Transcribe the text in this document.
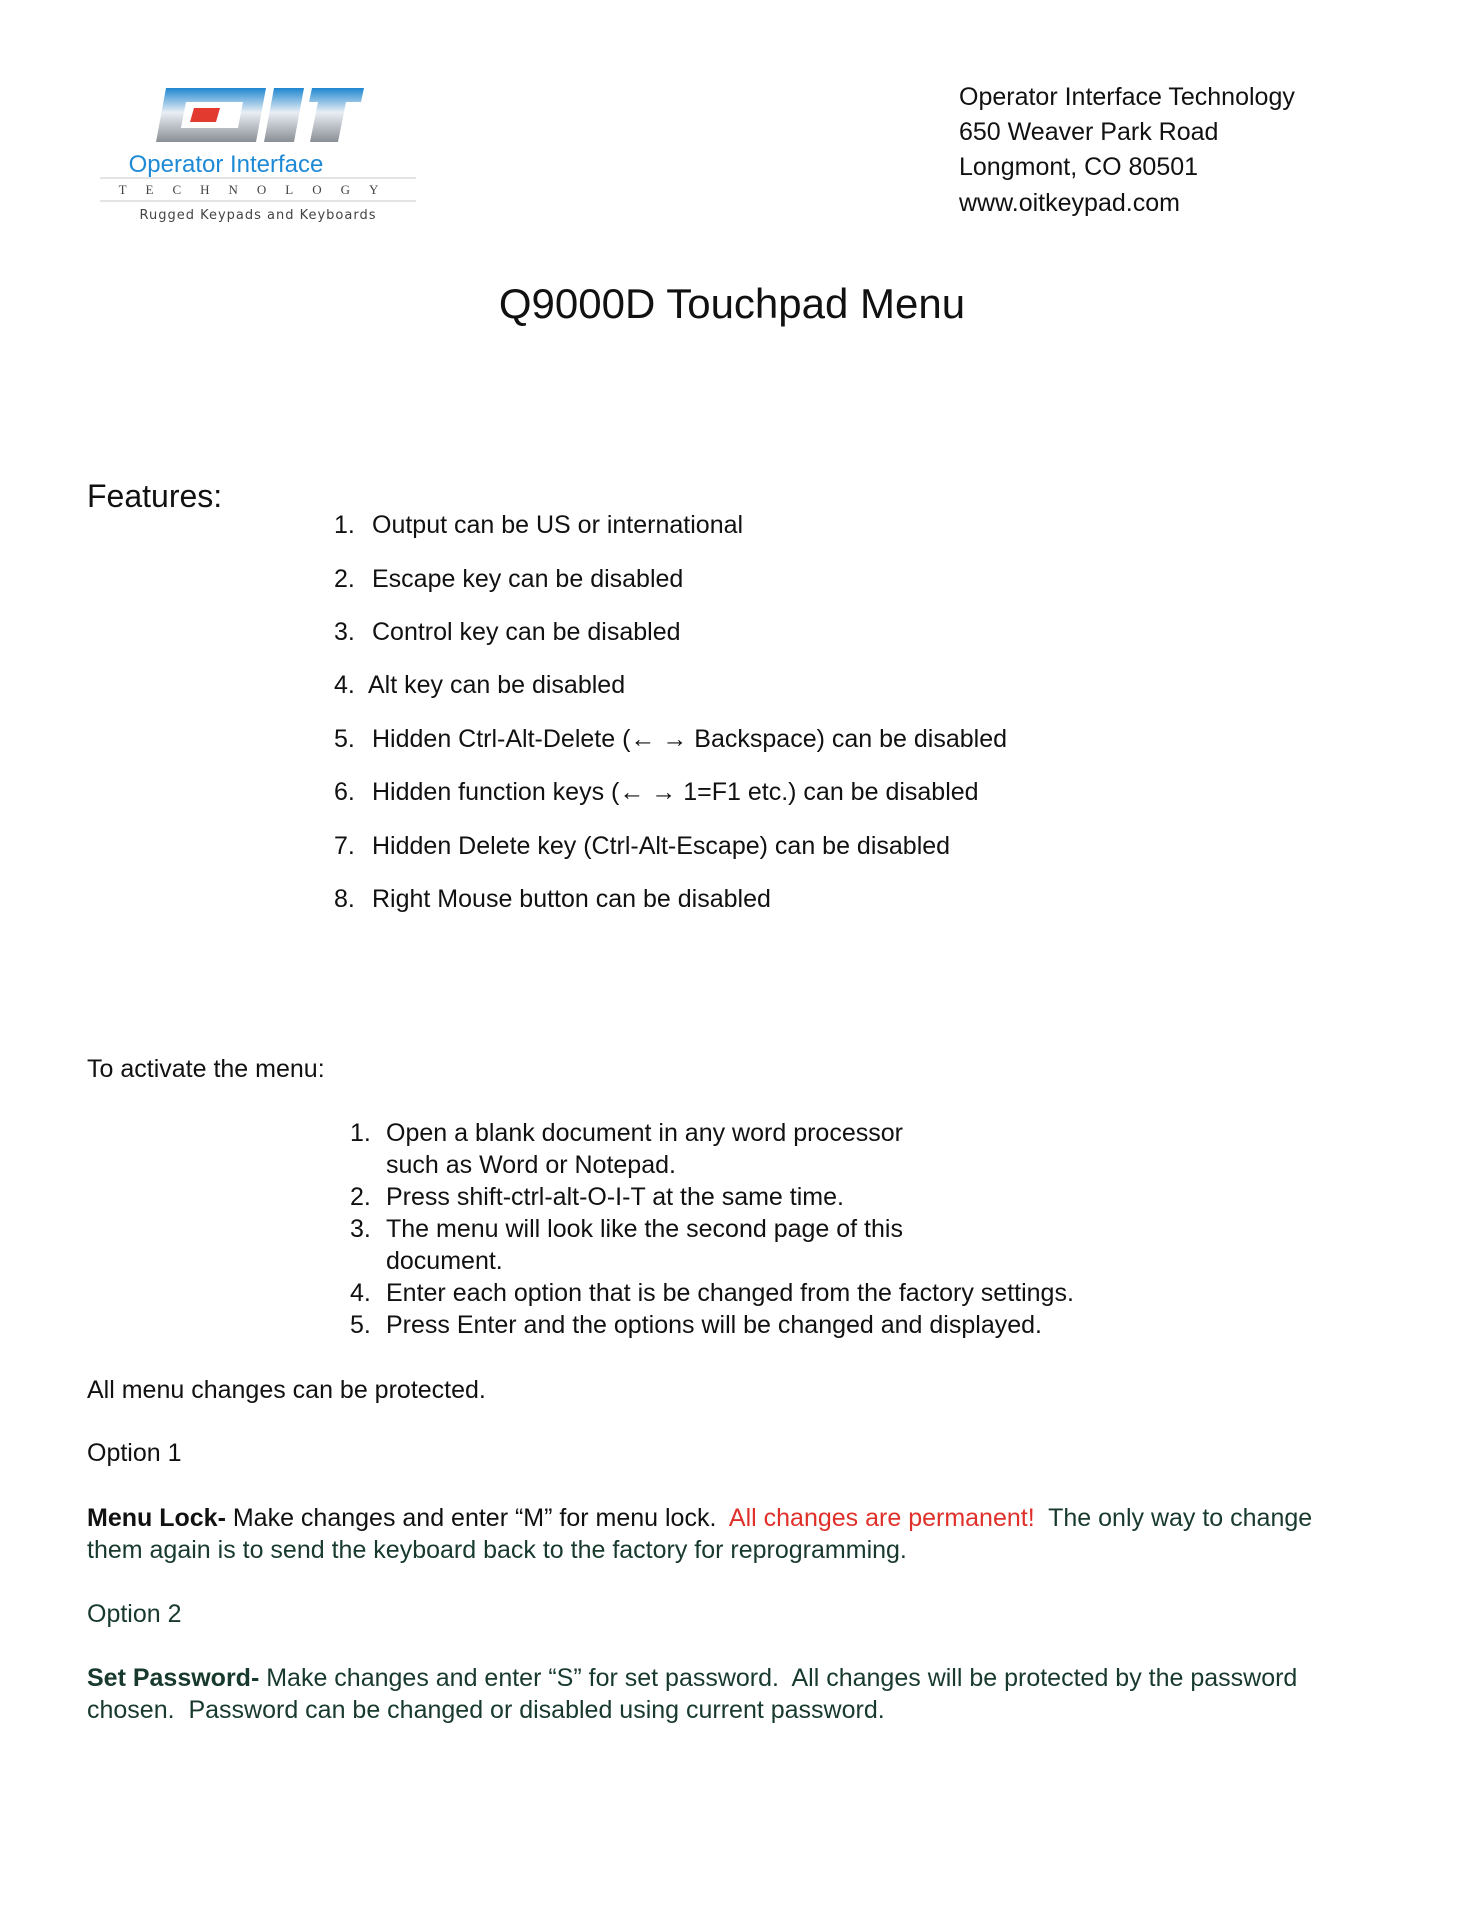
Operator Interface
TECHNOLOGY
Rugged Keypads and Keyboards
Operator Interface Technology
650 Weaver Park Road
Longmont, CO 80501
www.oitkeypad.com
Q9000D Touchpad Menu
Features:
1. Output can be US or international
2. Escape key can be disabled
3. Control key can be disabled
4. Alt key can be disabled
5. Hidden Ctrl-Alt-Delete (← → Backspace) can be disabled
6. Hidden function keys (← → 1=F1 etc.) can be disabled
7. Hidden Delete key (Ctrl-Alt-Escape) can be disabled
8. Right Mouse button can be disabled
To activate the menu:
1. Open a blank document in any word processor
such as Word or Notepad.
2. Press shift-ctrl-alt-O-I-T at the same time.
3. The menu will look like the second page of this
document.
4. Enter each option that is be changed from the factory settings.
5. Press Enter and the options will be changed and displayed.
All menu changes can be protected.
Option 1
Menu Lock- Make changes and enter “M” for menu lock.  All changes are permanent!  The only way to change
them again is to send the keyboard back to the factory for reprogramming.
Option 2
Set Password- Make changes and enter “S” for set password.  All changes will be protected by the password
chosen.  Password can be changed or disabled using current password.
